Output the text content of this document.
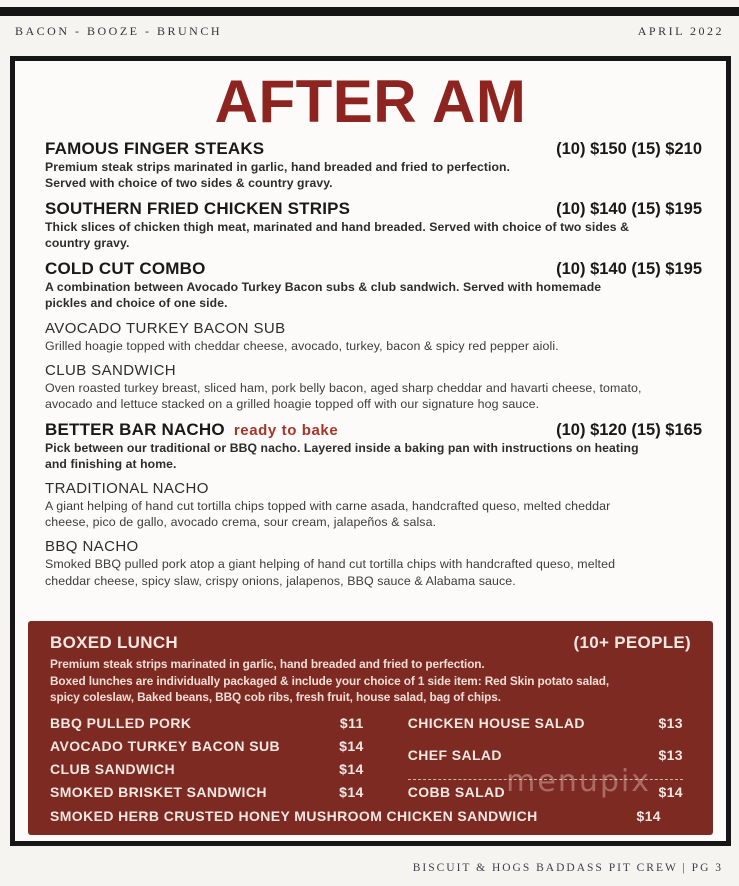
BACON - BOOZE - BRUNCH	APRIL 2022
AFTER AM
FAMOUS FINGER STEAKS	(10) $150 (15) $210
Premium steak strips marinated in garlic, hand breaded and fried to perfection.
Served with choice of two sides & country gravy.
SOUTHERN FRIED CHICKEN STRIPS	(10) $140 (15) $195
Thick slices of chicken thigh meat, marinated and hand breaded. Served with choice of two sides &
country gravy.
COLD CUT COMBO	(10) $140 (15) $195
A combination between Avocado Turkey Bacon subs & club sandwich. Served with homemade
pickles and choice of one side.
AVOCADO TURKEY BACON SUB
Grilled hoagie topped with cheddar cheese, avocado, turkey, bacon & spicy red pepper aioli.
CLUB SANDWICH
Oven roasted turkey breast, sliced ham, pork belly bacon, aged sharp cheddar and havarti cheese, tomato,
avocado and lettuce stacked on a grilled hoagie topped off with our signature hog sauce.
BETTER BAR NACHO ready to bake	(10) $120 (15) $165
Pick between our traditional or BBQ nacho. Layered inside a baking pan with instructions on heating
and finishing at home.
TRADITIONAL NACHO
A giant helping of hand cut tortilla chips topped with carne asada, handcrafted queso, melted cheddar
cheese, pico de gallo, avocado crema, sour cream, jalapeños & salsa.
BBQ NACHO
Smoked BBQ pulled pork atop a giant helping of hand cut tortilla chips with handcrafted queso, melted
cheddar cheese, spicy slaw, crispy onions, jalapenos, BBQ sauce & Alabama sauce.
BOXED LUNCH	(10+ PEOPLE)
Premium steak strips marinated in garlic, hand breaded and fried to perfection.
Boxed lunches are individually packaged & include your choice of 1 side item: Red Skin potato salad,
spicy coleslaw, Baked beans, BBQ cob ribs, fresh fruit, house salad, bag of chips.
BBQ PULLED PORK	$11
AVOCADO TURKEY BACON SUB	$14
CLUB SANDWICH	$14
SMOKED BRISKET SANDWICH	$14
CHICKEN HOUSE SALAD	$13
CHEF SALAD	$13
COBB SALAD	$14
SMOKED HERB CRUSTED HONEY MUSHROOM CHICKEN SANDWICH	$14
menupix
BISCUIT & HOGS BADDASS PIT CREW | PG 3
